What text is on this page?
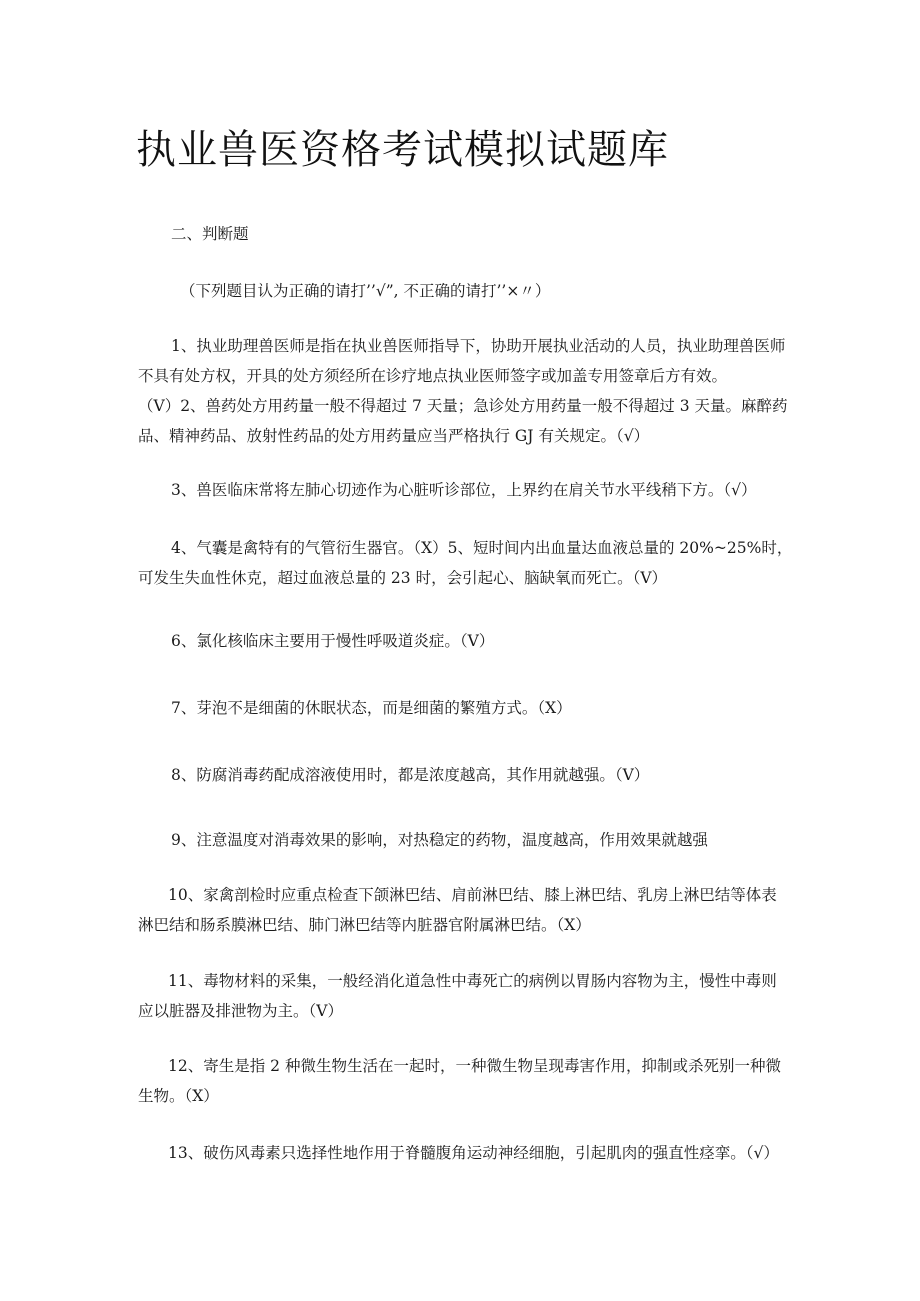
执业兽医资格考试模拟试题库
二、判断题
（下列题目认为正确的请打’’√”, 不正确的请打’’×〃）
1、执业助理兽医师是指在执业兽医师指导下，协助开展执业活动的人员，执业助理兽医师
不具有处方权，开具的处方须经所在诊疗地点执业医师签字或加盖专用签章后方有效。
（V）2、兽药处方用药量一般不得超过 7 天量；急诊处方用药量一般不得超过 3 天量。麻醉药
品、精神药品、放射性药品的处方用药量应当严格执行 GJ 有关规定。（√）
3、兽医临床常将左肺心切迹作为心脏听诊部位，上界约在肩关节水平线稍下方。（√）
4、气囊是禽特有的气管衍生器官。（X）5、短时间内出血量达血液总量的 20%~25%时，
可发生失血性休克，超过血液总量的 23 时，会引起心、脑缺氧而死亡。（V）
6、氯化核临床主要用于慢性呼吸道炎症。（V）
7、芽泡不是细菌的休眠状态，而是细菌的繁殖方式。（X）
8、防腐消毒药配成溶液使用时，都是浓度越高，其作用就越强。（V）
9、注意温度对消毒效果的影响，对热稳定的药物，温度越高，作用效果就越强
10、家禽剖检时应重点检查下颌淋巴结、肩前淋巴结、膝上淋巴结、乳房上淋巴结等体表
淋巴结和肠系膜淋巴结、肺门淋巴结等内脏器官附属淋巴结。（X）
11、毒物材料的采集，一般经消化道急性中毒死亡的病例以胃肠内容物为主，慢性中毒则
应以脏器及排泄物为主。（V）
12、寄生是指 2 种微生物生活在一起时，一种微生物呈现毒害作用，抑制或杀死别一种微
生物。（X）
13、破伤风毒素只选择性地作用于脊髓腹角运动神经细胞，引起肌肉的强直性痉挛。（√）
